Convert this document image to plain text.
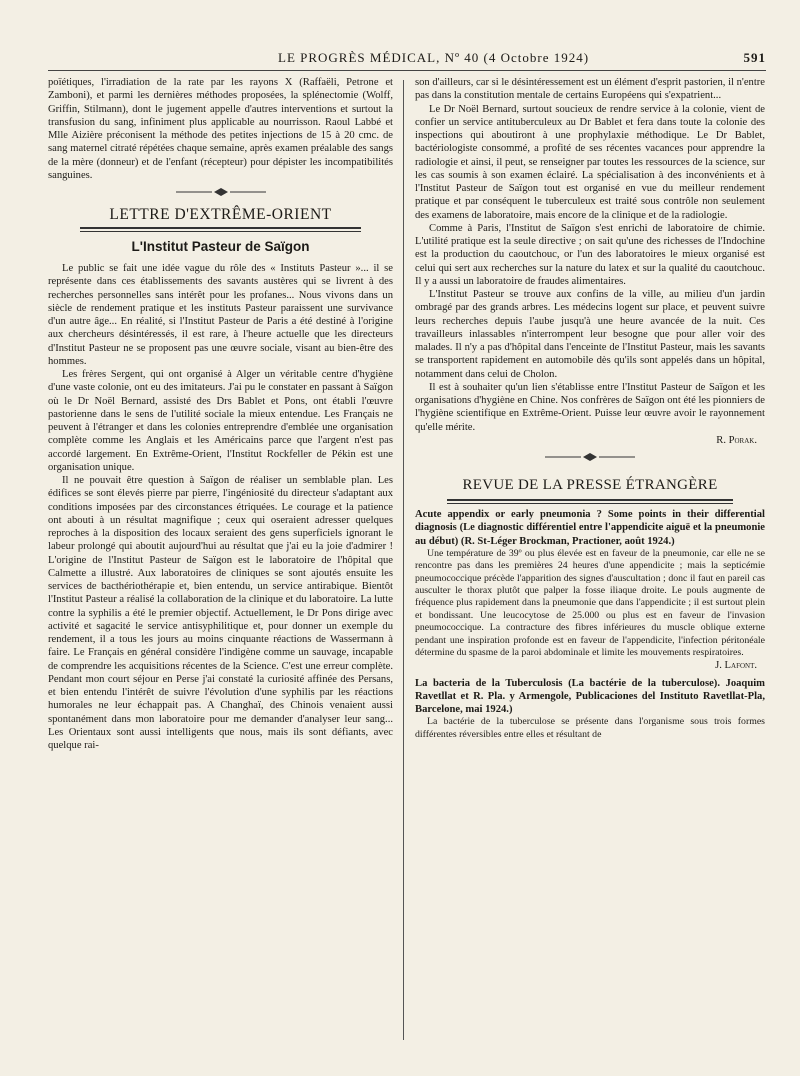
LE PROGRÈS MÉDICAL, Nº 40 (4 Octobre 1924)	591

poïétiques, l'irradiation de la rate par les rayons X (Raffaëli, Petrone et Zamboni), et parmi les dernières méthodes proposées, la splénectomie (Wolff, Griffin, Stilmann), dont le jugement appelle d'autres interventions et surtout la transfusion du sang, infiniment plus applicable au nourrisson. Raoul Labbé et Mlle Aizière préconisent la méthode des petites injections de 15 à 20 cmc. de sang maternel citraté répétées chaque semaine, après examen préalable des sangs de la mère (donneur) et de l'enfant (récepteur) pour dépister les incompatibilités sanguines.

LETTRE D'EXTRÊME-ORIENT
L'Institut Pasteur de Saïgon

Le public se fait une idée vague du rôle des « Instituts Pasteur »... il se représente dans ces établissements des savants austères qui se livrent à des recherches personnelles sans intérêt pour les profanes... Nous vivons dans un siècle de rendement pratique et les instituts Pasteur paraissent une survivance d'un autre âge... En réalité, si l'Institut Pasteur de Paris a été destiné à l'origine aux chercheurs désintéressés, il est rare, à l'heure actuelle que les directeurs d'Institut Pasteur ne se proposent pas une œuvre sociale, visant au bien-être des hommes.

Les frères Sergent, qui ont organisé à Alger un véritable centre d'hygiène d'une vaste colonie, ont eu des imitateurs. J'ai pu le constater en passant à Saïgon où le Dr Noël Bernard, assisté des Drs Bablet et Pons, ont établi l'œuvre pastorienne dans le sens de l'utilité sociale la mieux entendue. Les Français ne peuvent à l'étranger et dans les colonies entreprendre d'emblée une organisation complète comme les Anglais et les Américains parce que l'argent n'est pas accordé largement. En Extrême-Orient, l'Institut Rockfeller de Pékin est une organisation unique.

Il ne pouvait être question à Saïgon de réaliser un semblable plan. Les édifices se sont élevés pierre par pierre, l'ingéniosité du directeur s'adaptant aux conditions imposées par des circonstances étriquées. Le courage et la patience ont abouti à un résultat magnifique ; ceux qui oseraient adresser quelques reproches à la disposition des locaux seraient des gens superficiels ignorant le labeur prolongé qui aboutit aujourd'hui au résultat que j'ai eu la joie d'admirer ! L'origine de l'Institut Pasteur de Saïgon est le laboratoire de l'hôpital que Calmette a illustré. Aux laboratoires de cliniques se sont ajoutés ensuite les services de bacthériothérapie et, bien entendu, un service antirabique. Bientôt l'Institut Pasteur a réalisé la collaboration de la clinique et du laboratoire. La lutte contre la syphilis a été le premier objectif. Actuellement, le Dr Pons dirige avec activité et sagacité le service antisyphilitique et, pour donner un exemple du rendement, il a tous les jours au moins cinquante réactions de Wassermann à faire. Le Français en général considère l'indigène comme un sauvage, incapable de comprendre les acquisitions récentes de la Science. C'est une erreur complète. Pendant mon court séjour en Perse j'ai constaté la curiosité affinée des Persans, et bien entendu l'intérêt de suivre l'évolution d'une syphilis par les réactions humorales ne leur échappait pas. A Changhaï, des Chinois venaient aussi spontanément dans mon laboratoire pour me demander d'analyser leur sang... Les Orientaux sont aussi intelligents que nous, mais ils sont défiants, avec quelque rai-

son d'ailleurs, car si le désintéressement est un élément d'esprit pastorien, il n'entre pas dans la constitution mentale de certains Européens qui s'expatrient...

Le Dr Noël Bernard, surtout soucieux de rendre service à la colonie, vient de confier un service antituberculeux au Dr Bablet et fera dans toute la colonie des inspections qui aboutiront à une prophylaxie méthodique. Le Dr Bablet, bactériologiste consommé, a profité de ses récentes vacances pour apprendre la radiologie et ainsi, il peut, se renseigner par toutes les ressources de la science, sur les cas soumis à son examen éclairé. La spécialisation à des inconvénients et à l'Institut Pasteur de Saïgon tout est organisé en vue du meilleur rendement pratique et par conséquent le tuberculeux est traité sous contrôle non seulement des examens de laboratoire, mais encore de la clinique et de la radiologie.

Comme à Paris, l'Institut de Saïgon s'est enrichi de laboratoire de chimie. L'utilité pratique est la seule directive ; on sait qu'une des richesses de l'Indochine est la production du caoutchouc, or l'un des laboratoires le mieux organisé est celui qui sert aux recherches sur la nature du latex et sur la qualité du caoutchouc. Il y a aussi un laboratoire de fraudes alimentaires.

L'Institut Pasteur se trouve aux confins de la ville, au milieu d'un jardin ombragé par des grands arbres. Les médecins logent sur place, et peuvent suivre leurs recherches depuis l'aube jusqu'à une heure avancée de la nuit. Ces travailleurs inlassables n'interrompent leur besogne que pour aller voir des malades. Il n'y a pas d'hôpital dans l'enceinte de l'Institut Pasteur, mais les savants se transportent rapidement en automobile dès qu'ils sont appelés dans un hôpital, notamment dans celui de Cholon.

Il est à souhaiter qu'un lien s'établisse entre l'Institut Pasteur de Saïgon et les organisations d'hygiène en Chine. Nos confrères de Saïgon ont été les pionniers de l'hygiène scientifique en Extrême-Orient. Puisse leur œuvre avoir le rayonnement qu'elle mérite.

R. Porak.
REVUE DE LA PRESSE ÉTRANGÈRE

Acute appendix or early pneumonia ? Some points in their differential diagnosis (Le diagnostic différentiel entre l'appendicite aiguë et la pneumonie au début) (R. St-Léger Brockman, Practioner, août 1924.)

Une température de 39º ou plus élevée est en faveur de la pneumonie, car elle ne se rencontre pas dans les premières 24 heures d'une appendicite ; mais la septicémie pneumococcique précède l'apparition des signes d'auscultation ; donc il faut en pareil cas ausculter le thorax plutôt que palper la fosse iliaque droite. Le pouls augmente de fréquence plus rapidement dans la pneumonie que dans l'appendicite ; il est surtout plein et bondissant. Une leucocytose de 25.000 ou plus est en faveur de l'invasion pneumococcique. La contracture des fibres inférieures du muscle oblique externe pendant une inspiration profonde est en faveur de l'appendicite, l'infection péritonéale détermine du spasme de la paroi abdominale et limite les mouvements respiratoires.

J. Lafont.

La bacteria de la Tuberculosis (La bactérie de la tuberculose). Joaquim Ravetllat et R. Pla. y Armengole, Publicaciones del Instituto Ravetllat-Pla, Barcelone, mai 1924.)

La bactérie de la tuberculose se présente dans l'organisme sous trois formes différentes réversibles entre elles et résultant de
